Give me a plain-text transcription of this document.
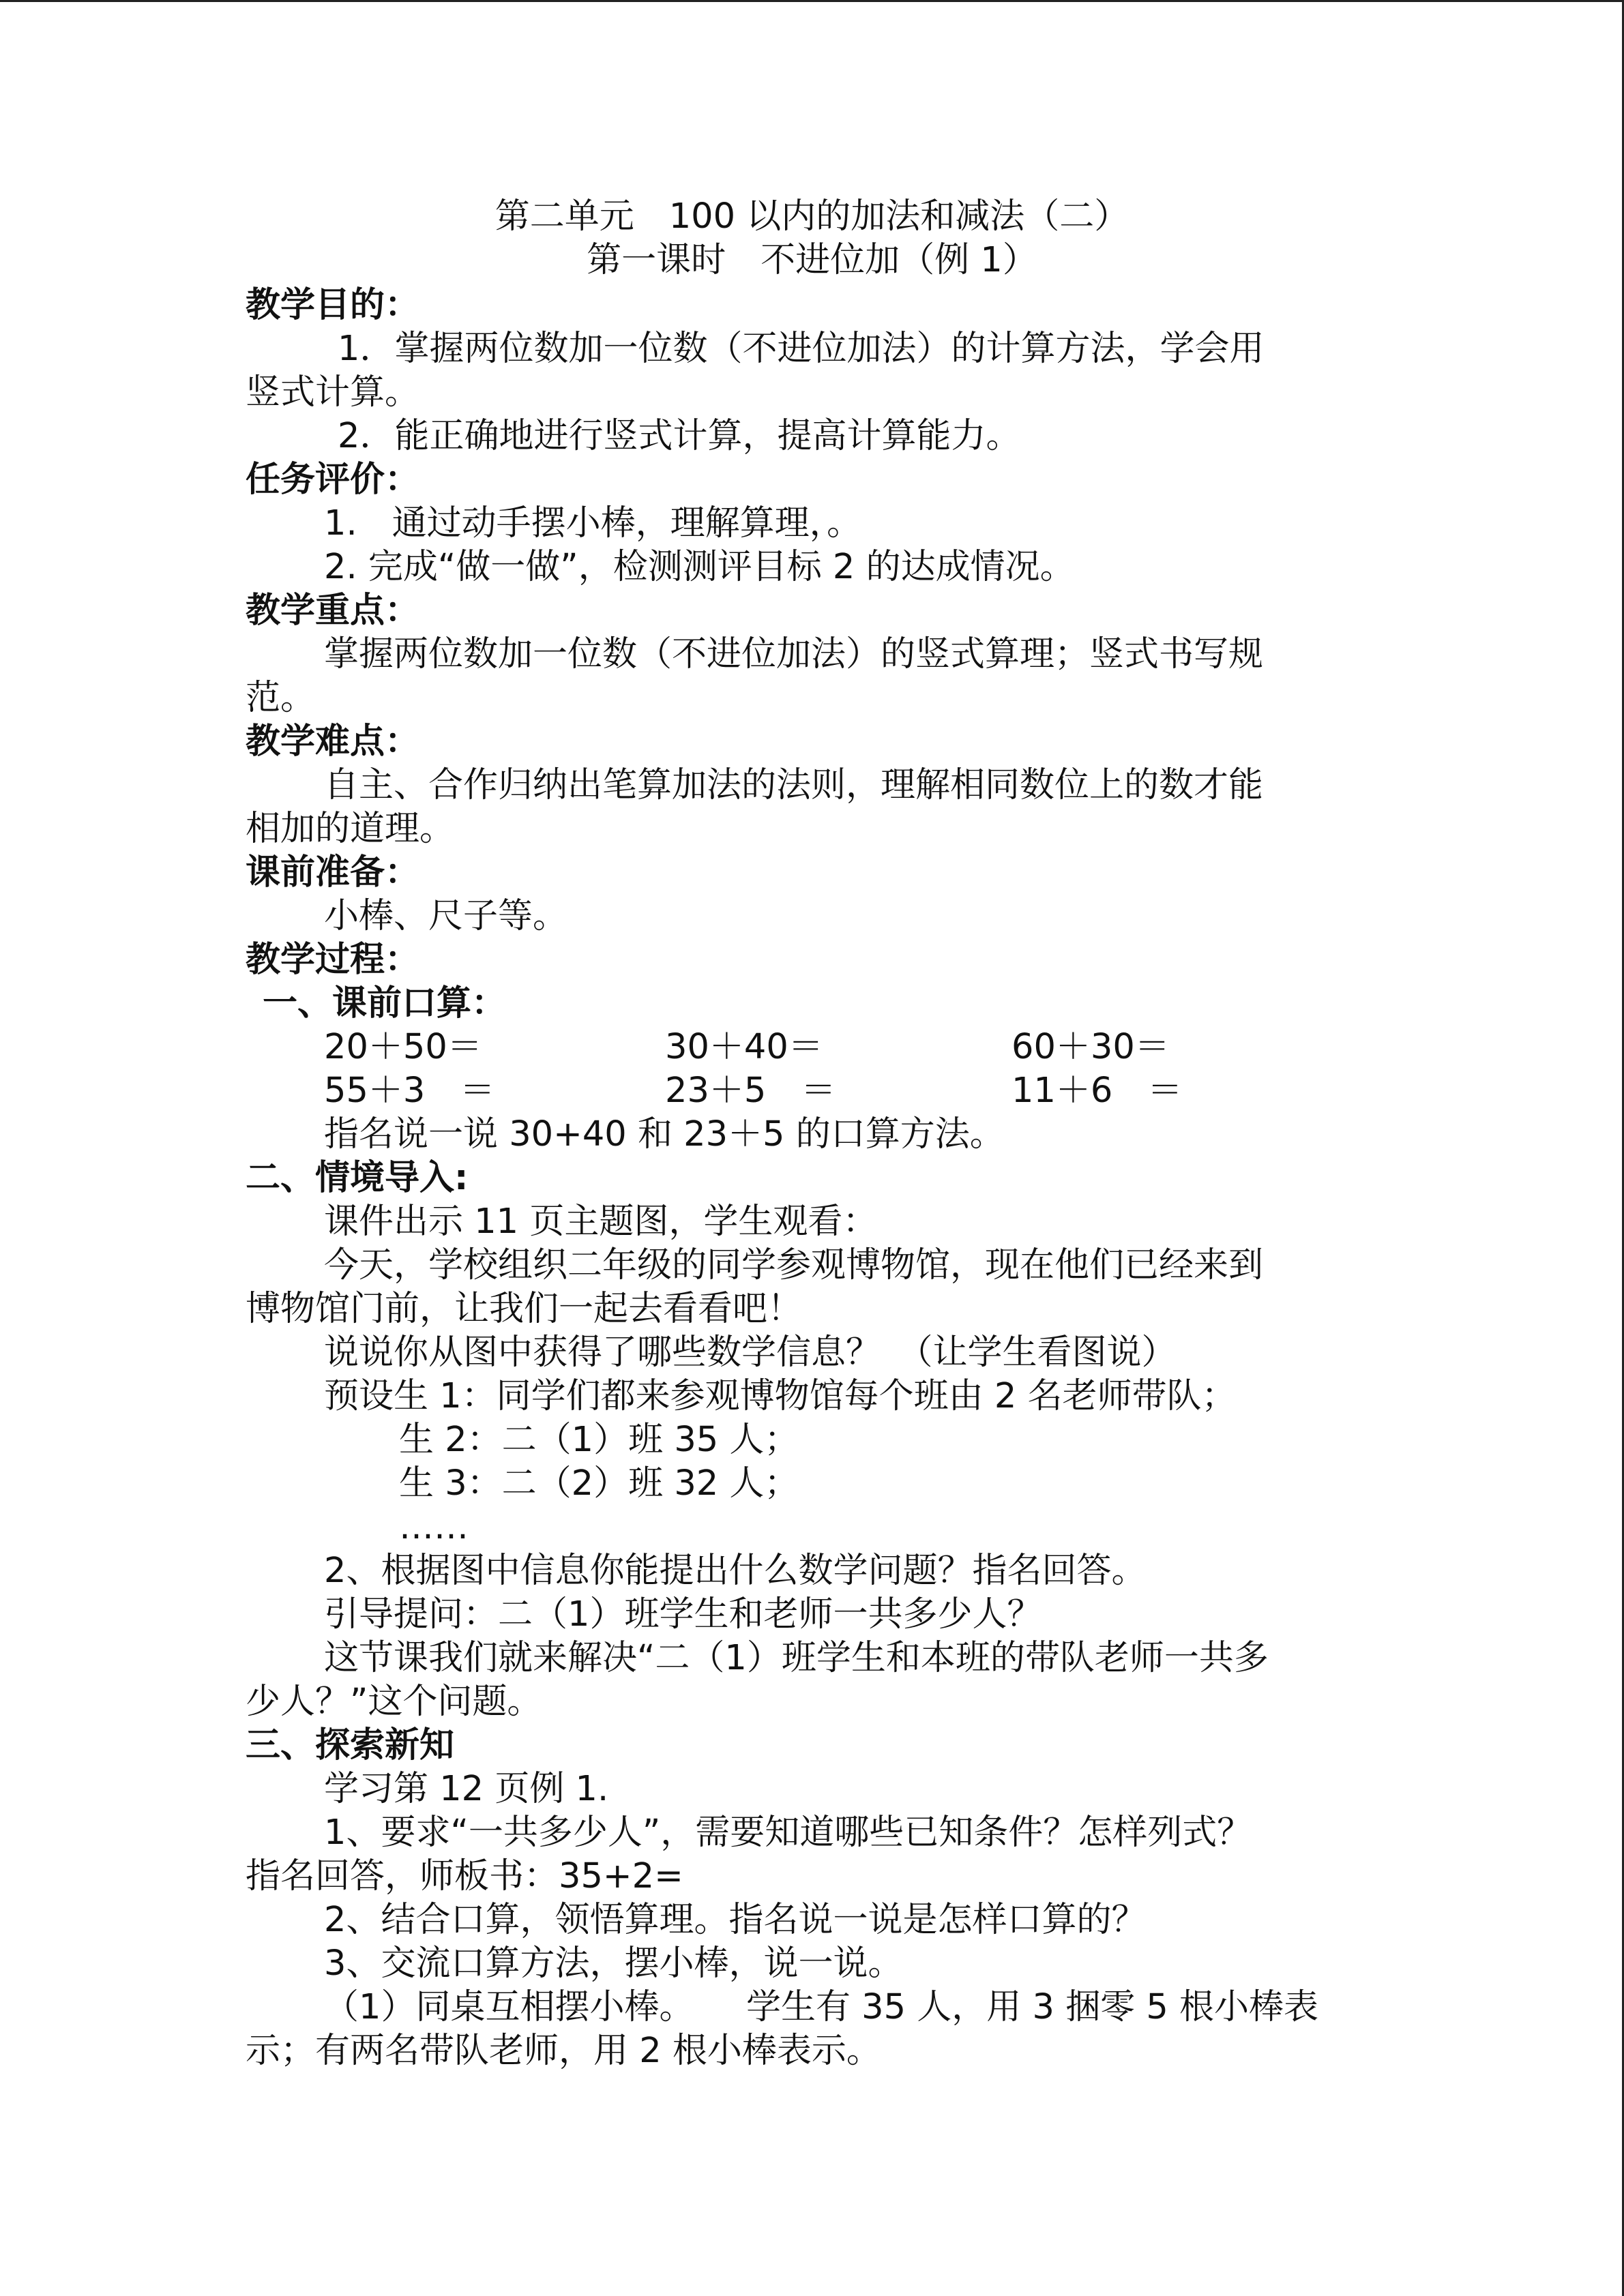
第二单元　100 以内的加法和减法（二）

第一课时　不进位加（例 1）

教学目的：

1．掌握两位数加一位数（不进位加法）的计算方法，学会用

竖式计算。

2．能正确地进行竖式计算，提高计算能力。

任务评价：

1.　通过动手摆小棒，理解算理，。

2. 完成“做一做”，检测测评目标 2 的达成情况。

教学重点：

掌握两位数加一位数（不进位加法）的竖式算理；竖式书写规

范。

教学难点：

自主、合作归纳出笔算加法的法则，理解相同数位上的数才能

相加的道理。

课前准备：

小棒、尺子等。

教学过程：

一、课前口算：

20＋50＝	30＋40＝	60＋30＝

55＋3　＝	23＋5　＝	11＋6　＝

指名说一说 30+40 和 23＋5 的口算方法。

二、情境导入:

课件出示 11 页主题图，学生观看：

今天，学校组织二年级的同学参观博物馆，现在他们已经来到

博物馆门前，让我们一起去看看吧！

说说你从图中获得了哪些数学信息？　（让学生看图说）

预设生 1：同学们都来参观博物馆每个班由 2 名老师带队；

生 2：二（1）班 35 人；

生 3：二（2）班 32 人；

……

2、根据图中信息你能提出什么数学问题？指名回答。

引导提问：二（1）班学生和老师一共多少人？

这节课我们就来解决“二（1）班学生和本班的带队老师一共多

少人？”这个问题。

三、探索新知

学习第 12 页例 1.

1、要求“一共多少人”，需要知道哪些已知条件？怎样列式？

指名回答，师板书：35+2=

2、结合口算，领悟算理。指名说一说是怎样口算的？

3、交流口算方法，摆小棒，说一说。

（1）同桌互相摆小棒。　　学生有 35 人，用 3 捆零 5 根小棒表

示；有两名带队老师，用 2 根小棒表示。
